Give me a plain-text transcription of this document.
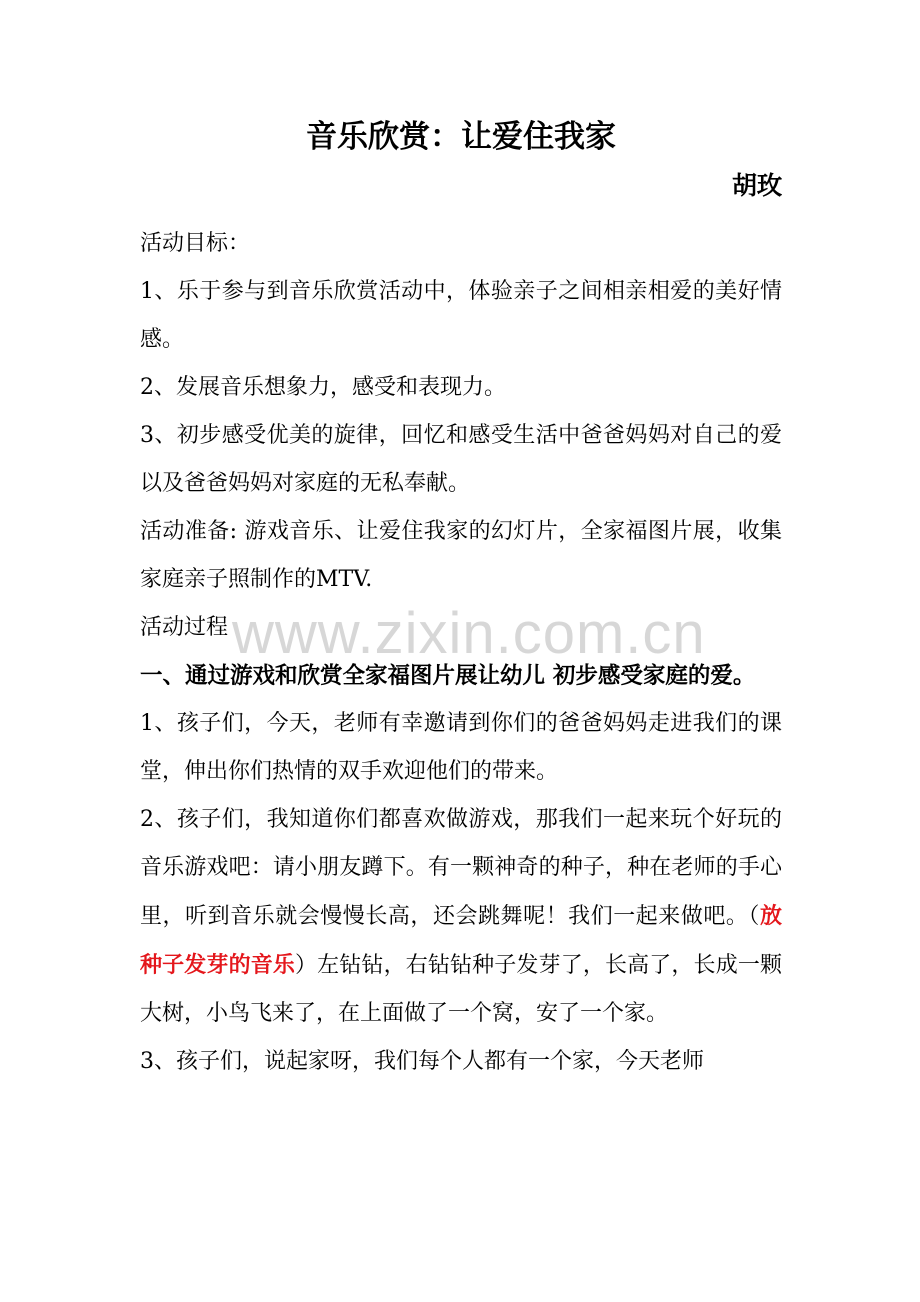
www.zixin.com.cn
音乐欣赏：让爱住我家
胡玫

活动目标：

1、乐于参与到音乐欣赏活动中，体验亲子之间相亲相爱的美好情感。

2、发展音乐想象力，感受和表现力。

3、初步感受优美的旋律，回忆和感受生活中爸爸妈妈对自己的爱以及爸爸妈妈对家庭的无私奉献。

活动准备: 游戏音乐、让爱住我家的幻灯片，全家福图片展，收集家庭亲子照制作的MTV.

活动过程

一、通过游戏和欣赏全家福图片展让幼儿 初步感受家庭的爱。

1、孩子们，今天，老师有幸邀请到你们的爸爸妈妈走进我们的课堂，伸出你们热情的双手欢迎他们的带来。

2、孩子们，我知道你们都喜欢做游戏，那我们一起来玩个好玩的音乐游戏吧：请小朋友蹲下。有一颗神奇的种子，种在老师的手心里，听到音乐就会慢慢长高，还会跳舞呢！我们一起来做吧。（放种子发芽的音乐）左钻钻，右钻钻种子发芽了，长高了，长成一颗大树，小鸟飞来了，在上面做了一个窝，安了一个家。

3、孩子们，说起家呀，我们每个人都有一个家，今天老师
